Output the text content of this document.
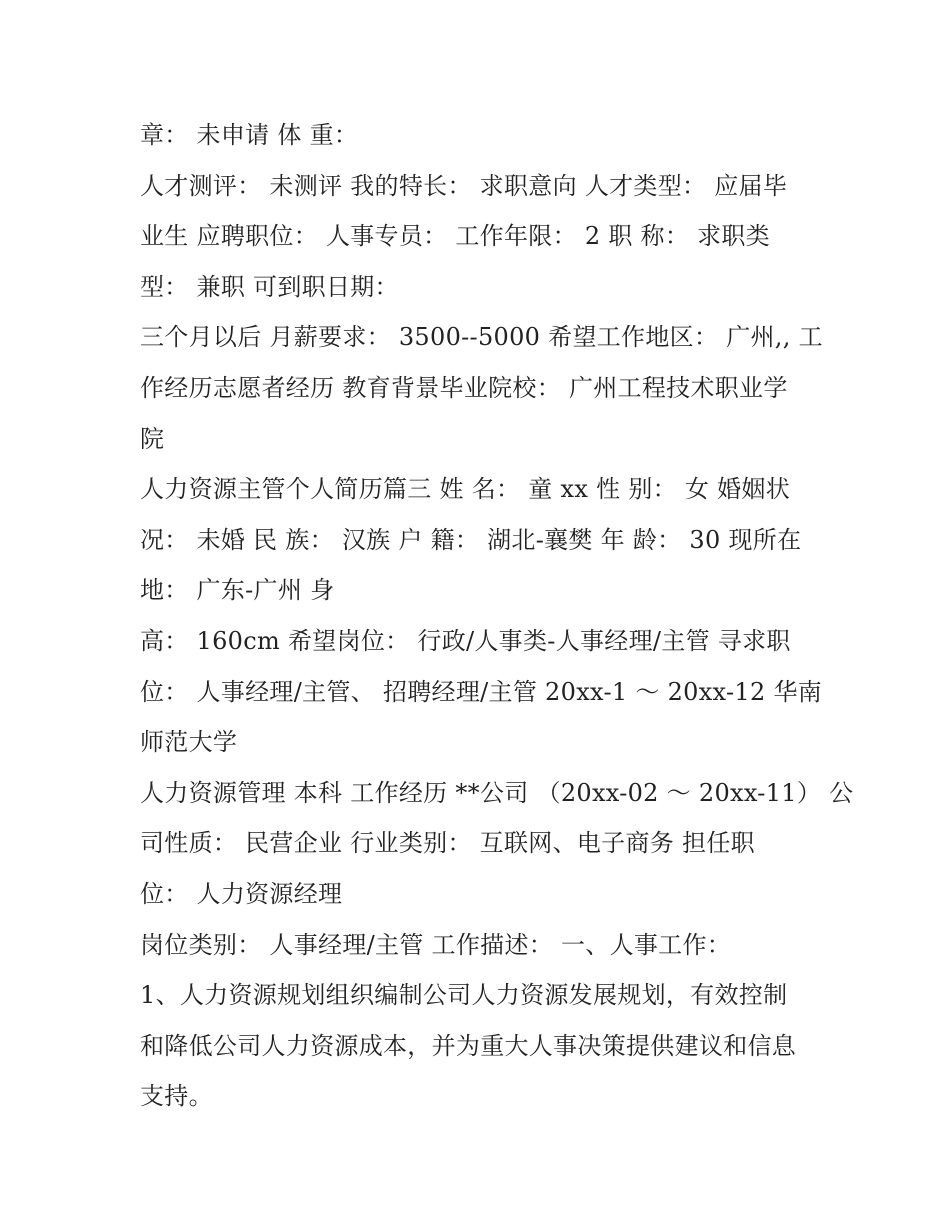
章： 未申请 体 重：
人才测评： 未测评 我的特长： 求职意向 人才类型： 应届毕
业生 应聘职位： 人事专员： 工作年限： 2 职 称： 求职类
型： 兼职 可到职日期：
三个月以后 月薪要求： 3500--5000 希望工作地区： 广州,, 工
作经历志愿者经历 教育背景毕业院校： 广州工程技术职业学
院
人力资源主管个人简历篇三 姓 名： 童 xx 性 别： 女 婚姻状
况： 未婚 民 族： 汉族 户 籍： 湖北-襄樊 年 龄： 30 现所在
地： 广东-广州 身
高： 160cm 希望岗位： 行政/人事类-人事经理/主管 寻求职
位： 人事经理/主管、 招聘经理/主管 20xx-1 ～ 20xx-12 华南
师范大学
人力资源管理 本科 工作经历 **公司 （20xx-02 ～ 20xx-11） 公
司性质： 民营企业 行业类别： 互联网、电子商务 担任职
位： 人力资源经理
岗位类别： 人事经理/主管 工作描述： 一、人事工作：
1、人力资源规划组织编制公司人力资源发展规划，有效控制
和降低公司人力资源成本，并为重大人事决策提供建议和信息
支持。
